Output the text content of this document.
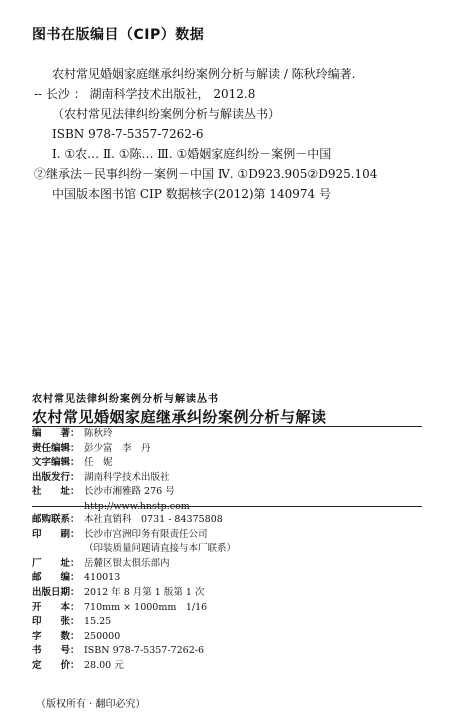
图书在版编目（CIP）数据
农村常见婚姻家庭继承纠纷案例分析与解读 / 陈秋玲编著.
-- 长沙 ： 湖南科学技术出版社， 2012.8
（农村常见法律纠纷案例分析与解读丛书）
ISBN 978-7-5357-7262-6
Ⅰ. ①农… Ⅱ. ①陈… Ⅲ. ①婚姻家庭纠纷－案例－中国
②继承法－民事纠纷－案例－中国 Ⅳ. ①D923.905②D925.104
中国版本图书馆 CIP 数据核字(2012)第 140974 号
农村常见法律纠纷案例分析与解读丛书
农村常见婚姻家庭继承纠纷案例分析与解读
编　　著： 陈秋玲
责任编辑： 彭少富　李　丹
文字编辑： 任　妮
出版发行： 湖南科学技术出版社
社　　址： 长沙市湘雅路 276 号
http://www.hnstp.com
邮购联系： 本社直销科　0731 - 84375808
印　　刷： 长沙市宫洲印务有限责任公司
（印装质量问题请直接与本厂联系）
厂　　址： 岳麓区银太俱乐部内
邮　　编： 410013
出版日期： 2012 年 8 月第 1 版第 1 次
开　　本： 710mm × 1000mm　1/16
印　　张： 15.25
字　　数： 250000
书　　号： ISBN 978-7-5357-7262-6
定　　价： 28.00 元
（版权所有 · 翻印必究）
